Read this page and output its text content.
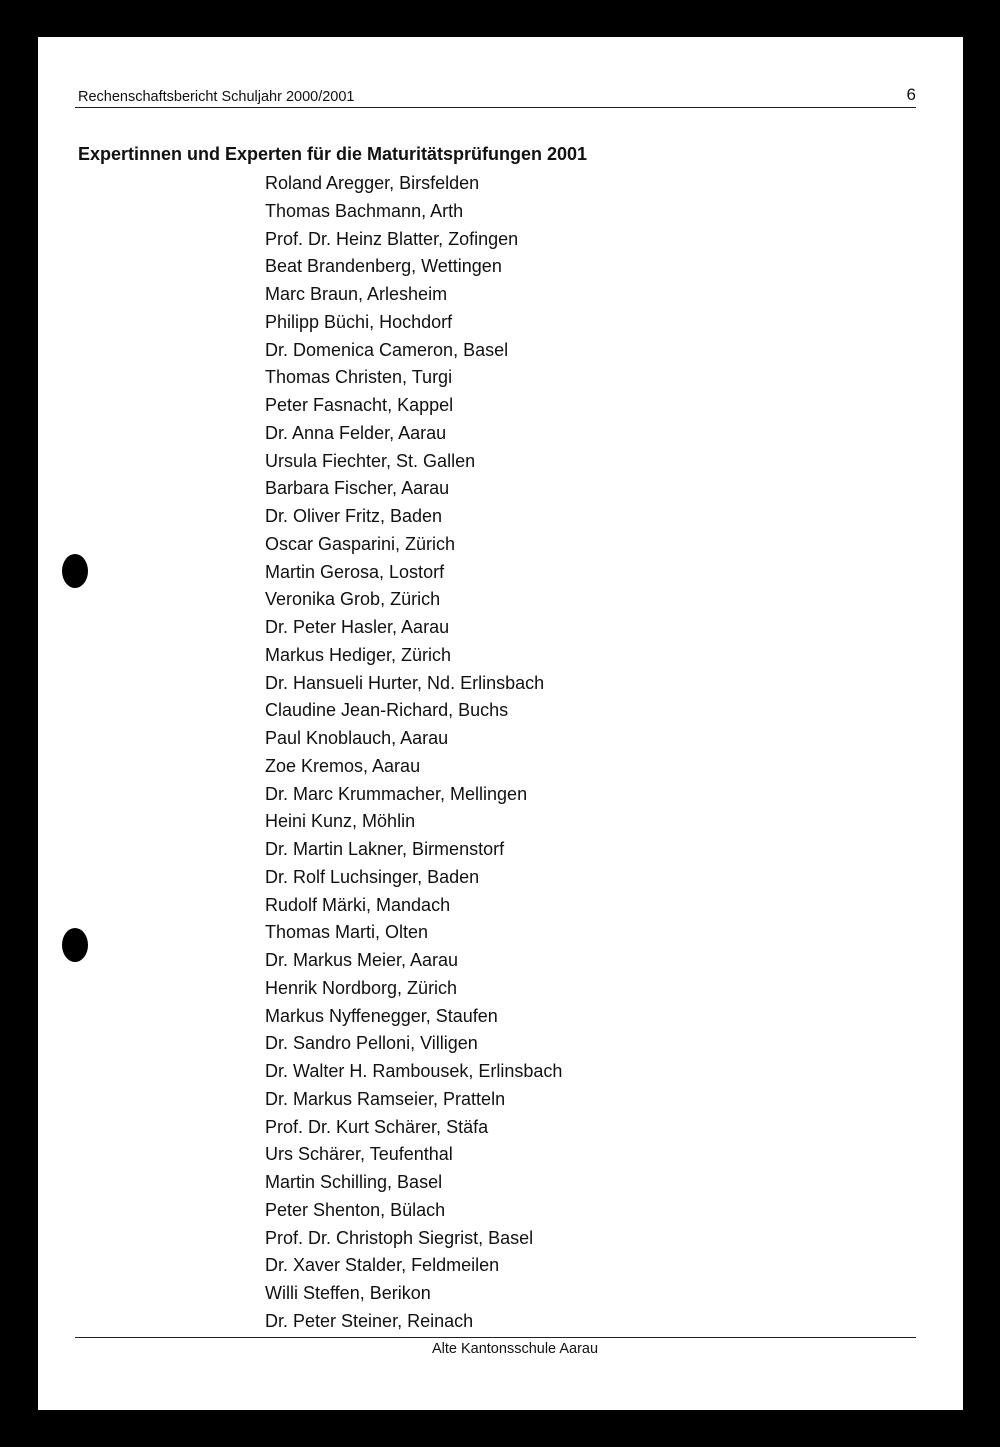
Rechenschaftsbericht Schuljahr 2000/2001	6
Expertinnen und Experten für die Maturitätsprüfungen 2001
Roland Aregger, Birsfelden
Thomas Bachmann, Arth
Prof. Dr. Heinz Blatter, Zofingen
Beat Brandenberg, Wettingen
Marc Braun, Arlesheim
Philipp Büchi, Hochdorf
Dr. Domenica Cameron, Basel
Thomas Christen, Turgi
Peter Fasnacht, Kappel
Dr. Anna Felder, Aarau
Ursula Fiechter, St. Gallen
Barbara Fischer, Aarau
Dr. Oliver Fritz, Baden
Oscar Gasparini, Zürich
Martin Gerosa, Lostorf
Veronika Grob, Zürich
Dr. Peter Hasler, Aarau
Markus Hediger, Zürich
Dr. Hansueli Hurter, Nd. Erlinsbach
Claudine Jean-Richard, Buchs
Paul Knoblauch, Aarau
Zoe Kremos, Aarau
Dr. Marc Krummacher, Mellingen
Heini Kunz, Möhlin
Dr. Martin Lakner, Birmenstorf
Dr. Rolf Luchsinger, Baden
Rudolf Märki, Mandach
Thomas Marti, Olten
Dr. Markus Meier, Aarau
Henrik Nordborg, Zürich
Markus Nyffenegger, Staufen
Dr. Sandro Pelloni, Villigen
Dr. Walter H. Rambousek, Erlinsbach
Dr. Markus Ramseier, Pratteln
Prof. Dr. Kurt Schärer, Stäfa
Urs Schärer, Teufenthal
Martin Schilling, Basel
Peter Shenton, Bülach
Prof. Dr. Christoph Siegrist, Basel
Dr. Xaver Stalder, Feldmeilen
Willi Steffen, Berikon
Dr. Peter Steiner, Reinach
Alte Kantonsschule Aarau
